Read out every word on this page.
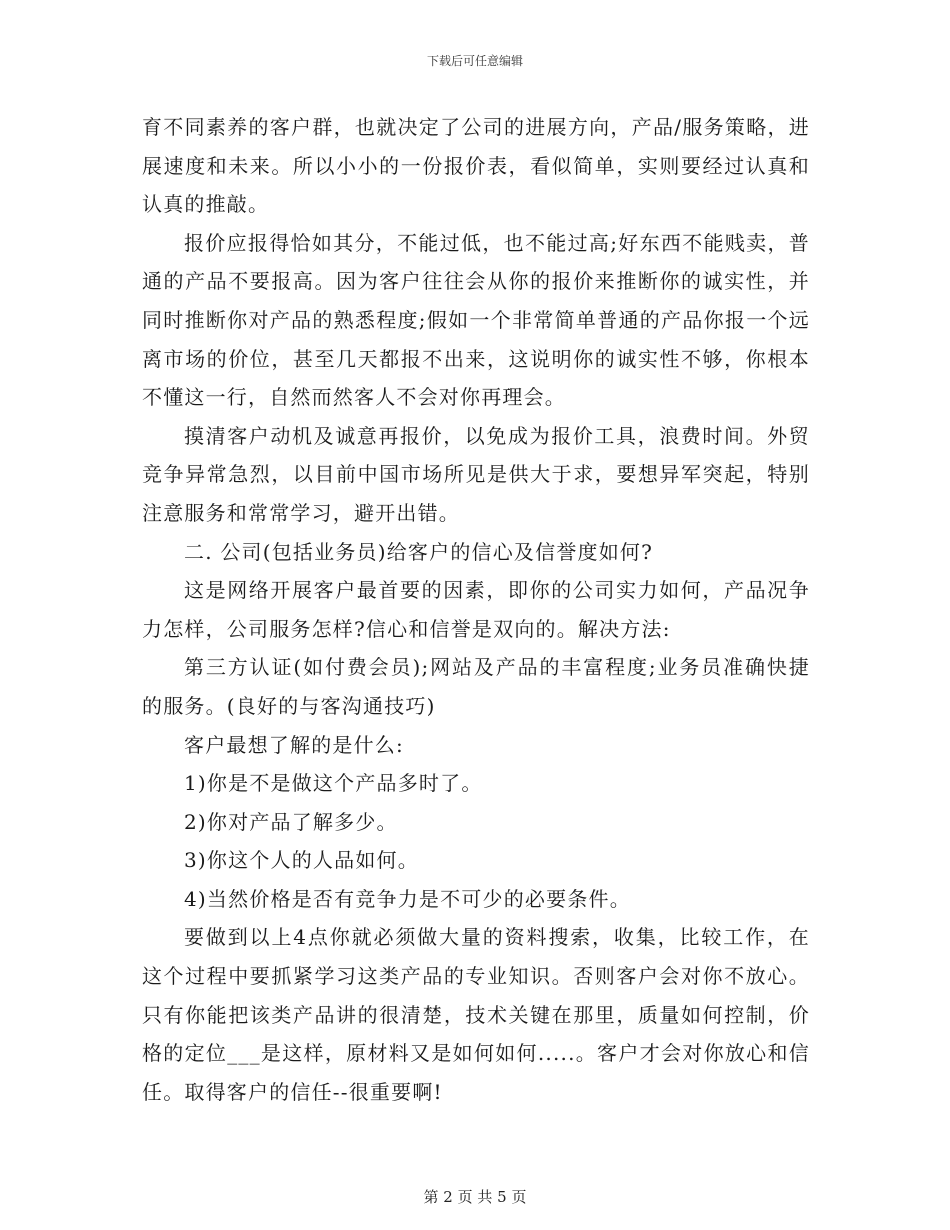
下载后可任意编辑

育不同素养的客户群，也就决定了公司的进展方向，产品/服务策略，进展速度和未来。所以小小的一份报价表，看似简单，实则要经过认真和认真的推敲。

报价应报得恰如其分，不能过低，也不能过高;好东西不能贱卖，普通的产品不要报高。因为客户往往会从你的报价来推断你的诚实性，并同时推断你对产品的熟悉程度;假如一个非常简单普通的产品你报一个远离市场的价位，甚至几天都报不出来，这说明你的诚实性不够，你根本不懂这一行，自然而然客人不会对你再理会。

摸清客户动机及诚意再报价，以免成为报价工具，浪费时间。外贸竞争异常急烈，以目前中国市场所见是供大于求，要想异军突起，特别注意服务和常常学习，避开出错。

二. 公司(包括业务员)给客户的信心及信誉度如何?

这是网络开展客户最首要的因素，即你的公司实力如何，产品况争力怎样，公司服务怎样?信心和信誉是双向的。解决方法:

第三方认证(如付费会员);网站及产品的丰富程度;业务员准确快捷的服务。(良好的与客沟通技巧)

客户最想了解的是什么:

1)你是不是做这个产品多时了。

2)你对产品了解多少。

3)你这个人的人品如何。

4)当然价格是否有竞争力是不可少的必要条件。

要做到以上4点你就必须做大量的资料搜索，收集，比较工作，在这个过程中要抓紧学习这类产品的专业知识。否则客户会对你不放心。只有你能把该类产品讲的很清楚，技术关键在那里，质量如何控制，价格的定位___是这样，原材料又是如何如何.....。客户才会对你放心和信任。取得客户的信任--很重要啊!

第 2 页 共 5 页
